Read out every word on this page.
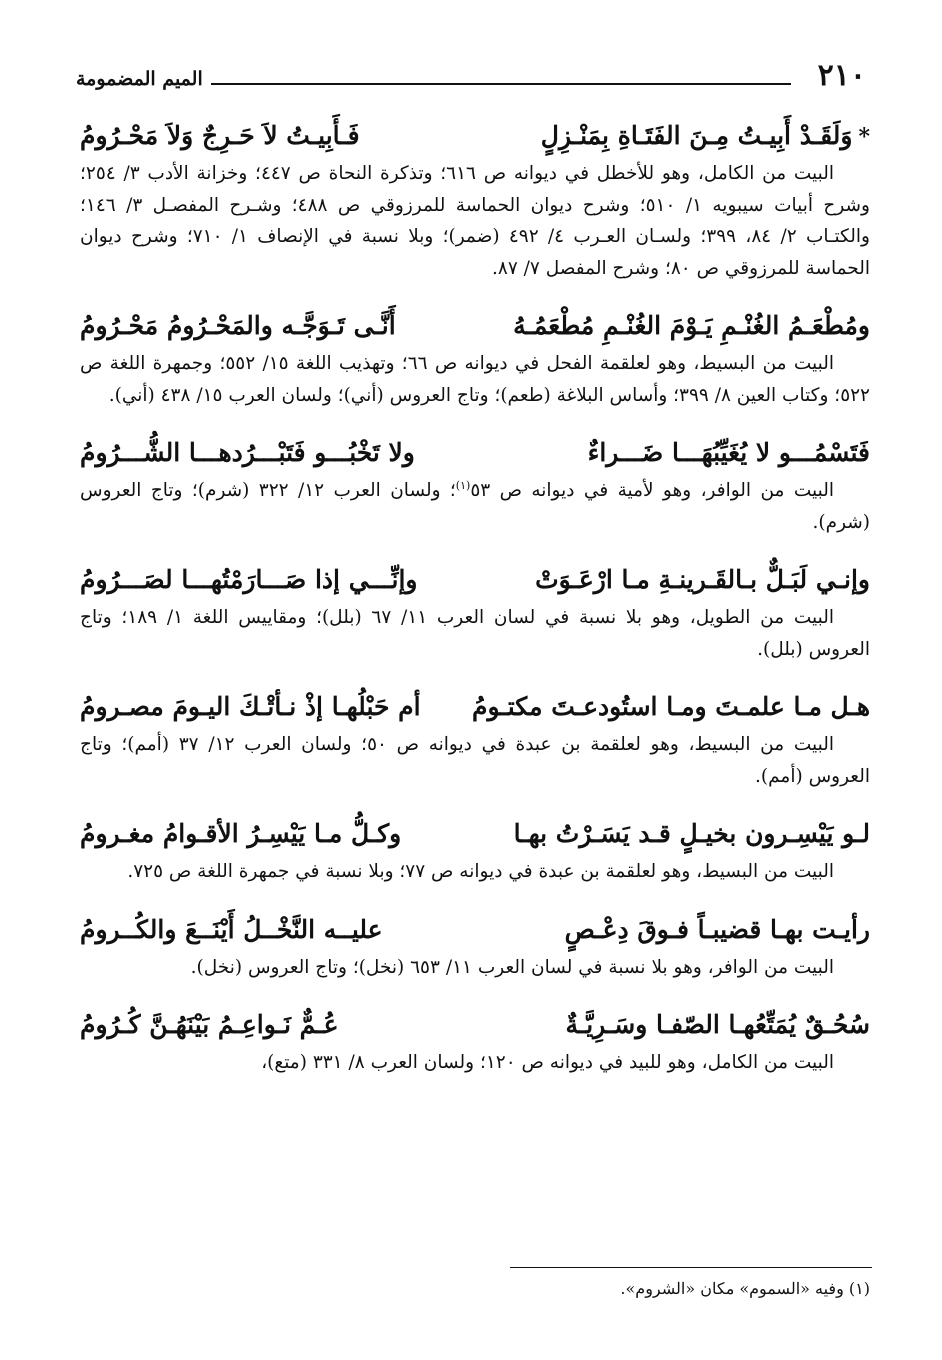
٢١٠
الميم المضمومة
*وَلَقَـدْ أَبِيـتُ مِـنَ الفَتَـاةِ بِمَنْـزِلٍ
فَـأَبِيـتُ لاَ حَـرِجٌ وَلاَ مَحْـرُومُ

البيت من الكامل، وهو للأخطل في ديوانه ص ٦١٦؛ وتذكرة النحاة ص ٤٤٧؛ وخزانة الأدب ٣/ ٢٥٤؛ وشرح أبيات سيبويه ١/ ٥١٠؛ وشرح ديوان الحماسة للمرزوقي ص ٤٨٨؛ وشـرح المفصـل ٣/ ١٤٦؛ والكتـاب ٢/ ٨٤، ٣٩٩؛ ولسـان العـرب ٤/ ٤٩٢ (ضمر)؛ وبلا نسبة في الإنصاف ١/ ٧١٠؛ وشرح ديوان الحماسة للمرزوقي ص ٨٠؛ وشرح المفصل ٧/ ٨٧.

ومُطْعَـمُ الغُنْـمِ يَـوْمَ الغُنْـمِ مُطْعَمُـهُ
أَنَّـى تَـوَجَّـه والمَحْـرُومُ مَحْـرُومُ

البيت من البسيط، وهو لعلقمة الفحل في ديوانه ص ٦٦؛ وتهذيب اللغة ١٥/ ٥٥٢؛ وجمهرة اللغة ص ٥٢٢؛ وكتاب العين ٨/ ٣٩٩؛ وأساس البلاغة (طعم)؛ وتاج العروس (أني)؛ ولسان العرب ١٥/ ٤٣٨ (أني).

فَتَسْمُـــو لا يُغَيِّبُهَـــا ضَـــراءٌ
ولا تَخْبُـــو فَتَبْـــرُدهـــا الشُّـــرُومُ

البيت من الوافر، وهو لأمية في ديوانه ص ٥٣$^{(١)}$؛ ولسان العرب ١٢/ ٣٢٢ (شرم)؛ وتاج العروس (شرم).

وإنـي لَبَـلٌّ بـالقَـرينـةِ مـا ارْعَـوَتْ
وإنِّـــي إذا صَـــارَمْتُهـــا لصَـــرُومُ

البيت من الطويل، وهو بلا نسبة في لسان العرب ١١/ ٦٧ (بلل)؛ ومقاييس اللغة ١/ ١٨٩؛ وتاج العروس (بلل).

هـل مـا علمـتَ ومـا استُودعـتَ مكتـومُ
أم حَبْلُهـا إذْ نـأتْـكَ اليـومَ مصـرومُ

البيت من البسيط، وهو لعلقمة بن عبدة في ديوانه ص ٥٠؛ ولسان العرب ١٢/ ٣٧ (أمم)؛ وتاج العروس (أمم).

لـو يَيْسِـرون بخيـلٍ قـد يَسَـرْتُ بهـا
وكـلُّ مـا يَيْسِـرُ الأقـوامُ مغـرومُ

البيت من البسيط، وهو لعلقمة بن عبدة في ديوانه ص ٧٧؛ وبلا نسبة في جمهرة اللغة ص ٧٢٥.

رأيـت بهـا قضيبـاً فـوقَ دِعْـصٍ
عليــه النَّخْــلُ أَيْنَــعَ والكُــرومُ

البيت من الوافر، وهو بلا نسبة في لسان العرب ١١/ ٦٥٣ (نخل)؛ وتاج العروس (نخل).

سُحُـقٌ يُمَتِّعُهـا الصّفـا وسَـرِيَّـةٌ
عُـمٌّ نَـواعِـمُ بَيْنَهُـنَّ كُـرُومُ

البيت من الكامل، وهو للبيد في ديوانه ص ١٢٠؛ ولسان العرب ٨/ ٣٣١ (متع)،

(١) وفيه «السموم» مكان «الشروم».
